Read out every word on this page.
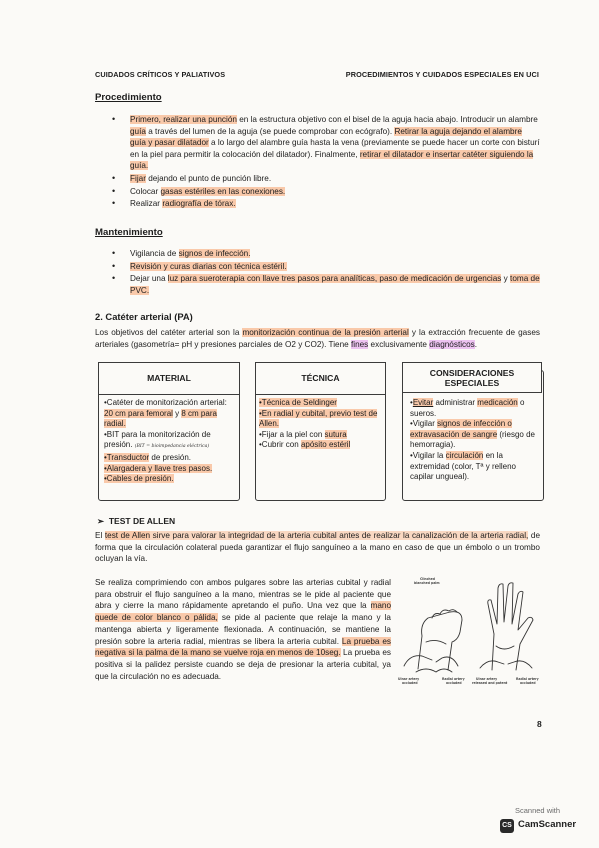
CUIDADOS CRÍTICOS Y PALIATIVOS	PROCEDIMIENTOS Y CUIDADOS ESPECIALES EN UCI
Procedimiento
• Primero, realizar una punción en la estructura objetivo con el bisel de la aguja hacia abajo. Introducir un alambre guía a través del lumen de la aguja (se puede comprobar con ecógrafo). Retirar la aguja dejando el alambre guía y pasar dilatador a lo largo del alambre guía hasta la vena (previamente se puede hacer un corte con bisturí en la piel para permitir la colocación del dilatador). Finalmente, retirar el dilatador e insertar catéter siguiendo la guía.
• Fijar dejando el punto de punción libre.
• Colocar gasas estériles en las conexiones.
• Realizar radiografía de tórax.
Mantenimiento
• Vigilancia de signos de infección.
• Revisión y curas diarias con técnica estéril.
• Dejar una luz para sueroterapia con llave tres pasos para analíticas, paso de medicación de urgencias y toma de PVC.
2. Catéter arterial (PA)

Los objetivos del catéter arterial son la monitorización continua de la presión arterial y la extracción frecuente de gases arteriales (gasometría= pH y presiones parciales de O2 y CO2). Tiene fines exclusivamente diagnósticos.

MATERIAL
•Catéter de monitorización arterial: 20 cm para femoral y 8 cm para radial.
•BIT para la monitorización de presión. (BIT = bioimpedancia eléctrica)
•Transductor de presión.
•Alargadera y llave tres pasos.
•Cables de presión.
TÉCNICA
•Técnica de Seldinger
•En radial y cubital, previo test de Allen.
•Fijar a la piel con sutura
•Cubrir con apósito estéril
CONSIDERACIONES
ESPECIALES
•Evitar administrar medicación o sueros.
•Vigilar signos de infección o extravasación de sangre (riesgo de hemorragia).
•Vigilar la circulación en la extremidad (color, Tª y relleno capilar ungueal).
➢ TEST DE ALLEN

El test de Allen sirve para valorar la integridad de la arteria cubital antes de realizar la canalización de la arteria radial, de forma que la circulación colateral pueda garantizar el flujo sanguíneo a la mano en caso de que un émbolo o un trombo ocluyan la vía.

Se realiza comprimiendo con ambos pulgares sobre las arterias cubital y radial para obstruir el flujo sanguíneo a la mano, mientras se le pide al paciente que abra y cierre la mano rápidamente apretando el puño. Una vez que la mano quede de color blanco o pálida, se pide al paciente que relaje la mano y la mantenga abierta y ligeramente flexionada. A continuación, se mantiene la presión sobre la arteria radial, mientras se libera la arteria cubital. La prueba es negativa si la palma de la mano se vuelve roja en menos de 10seg. La prueba es positiva si la palidez persiste cuando se deja de presionar la arteria cubital, ya que la circulación no es adecuada.

Clinched
blanched palm
Ulnar artery
occluded
Radial artery
occluded
Ulnar artery
released and patent
Radial artery
occluded
8
Scanned with
CS CamScanner
